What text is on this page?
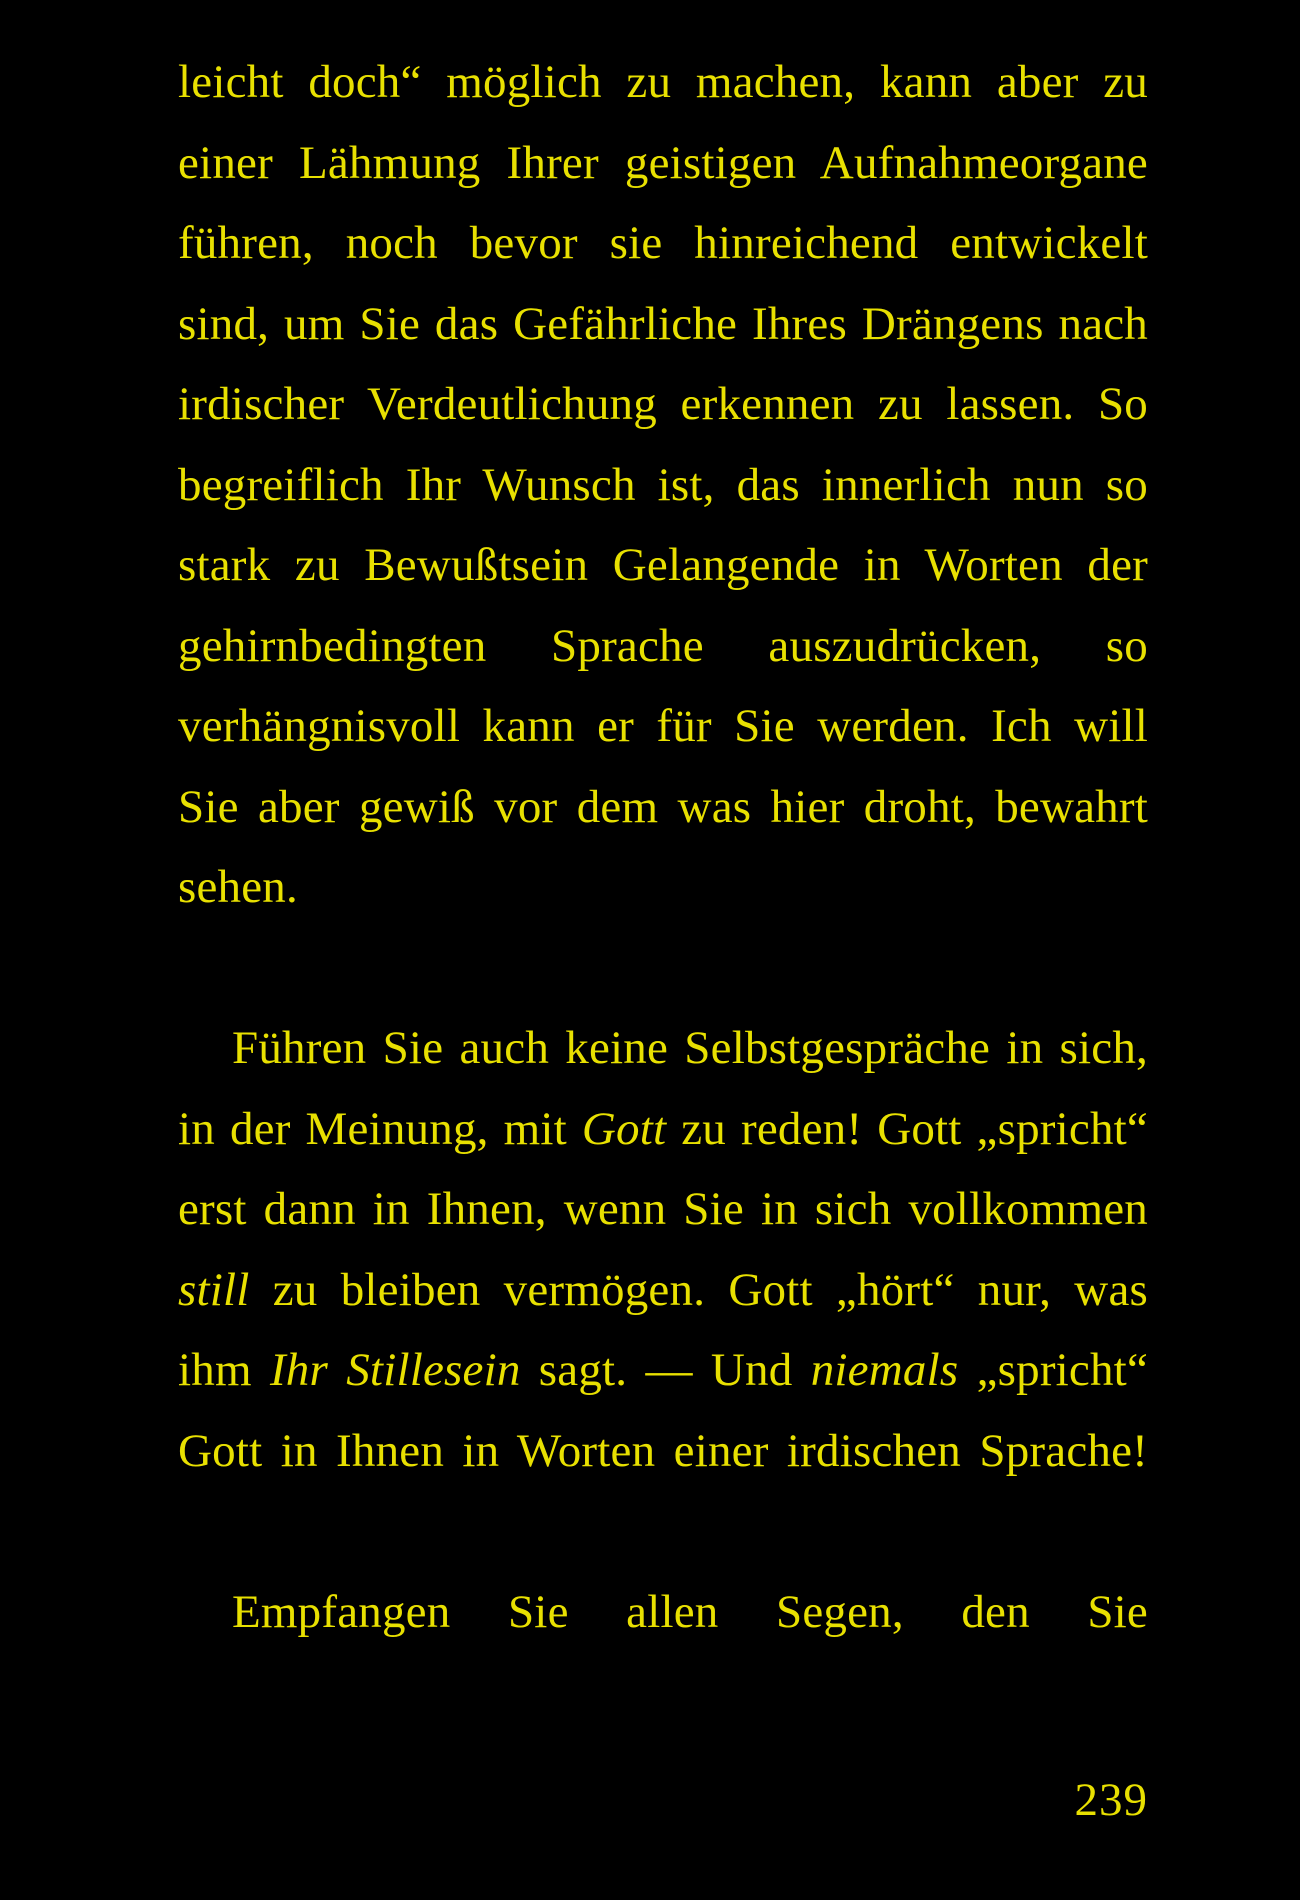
leicht doch“ möglich zu machen, kann aber zu einer Lähmung Ihrer geistigen Aufnahmeorgane führen, noch bevor sie hinreichend entwickelt sind, um Sie das Gefährliche Ihres Drängens nach irdischer Verdeutlichung erkennen zu lassen. So begreiflich Ihr Wunsch ist, das innerlich nun so stark zu Bewußtsein Gelangende in Worten der gehirnbedingten Sprache auszudrücken, so verhängnisvoll kann er für Sie werden. Ich will Sie aber gewiß vor dem was hier droht, bewahrt sehen.

Führen Sie auch keine Selbstgespräche in sich, in der Meinung, mit Gott zu reden! Gott „spricht“ erst dann in Ihnen, wenn Sie in sich vollkommen still zu bleiben vermögen. Gott „hört“ nur, was ihm Ihr Stillesein sagt. — Und niemals „spricht“ Gott in Ihnen in Worten einer irdischen Sprache!

Empfangen Sie allen Segen, den Sie

239
